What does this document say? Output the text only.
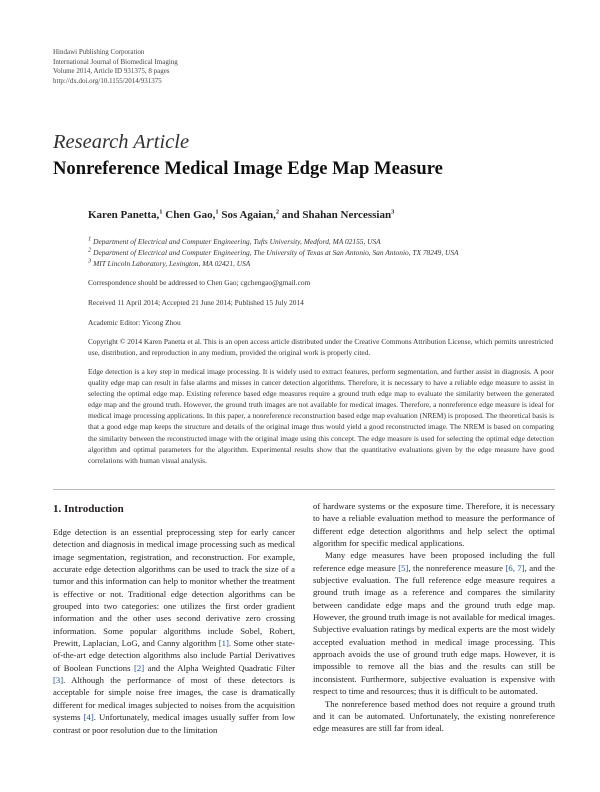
Hindawi Publishing Corporation
International Journal of Biomedical Imaging
Volume 2014, Article ID 931375, 8 pages
http://dx.doi.org/10.1155/2014/931375
Research Article
Nonreference Medical Image Edge Map Measure
Karen Panetta,$^1$ Chen Gao,$^1$ Sos Agaian,$^2$ and Shahan Nercessian$^3$
$^1$ Department of Electrical and Computer Engineering, Tufts University, Medford, MA 02155, USA
$^2$ Department of Electrical and Computer Engineering, The University of Texas at San Antonio, San Antonio, TX 78249, USA
$^3$ MIT Lincoln Laboratory, Lexington, MA 02421, USA
Correspondence should be addressed to Chen Gao; cgchengao@gmail.com
Received 11 April 2014; Accepted 21 June 2014; Published 15 July 2014
Academic Editor: Yicong Zhou
Copyright © 2014 Karen Panetta et al. This is an open access article distributed under the Creative Commons Attribution License, which permits unrestricted use, distribution, and reproduction in any medium, provided the original work is properly cited.
Edge detection is a key step in medical image processing. It is widely used to extract features, perform segmentation, and further assist in diagnosis. A poor quality edge map can result in false alarms and misses in cancer detection algorithms. Therefore, it is necessary to have a reliable edge measure to assist in selecting the optimal edge map. Existing reference based edge measures require a ground truth edge map to evaluate the similarity between the generated edge map and the ground truth. However, the ground truth images are not available for medical images. Therefore, a nonreference edge measure is ideal for medical image processing applications. In this paper, a nonreference reconstruction based edge map evaluation (NREM) is proposed. The theoretical basis is that a good edge map keeps the structure and details of the original image thus would yield a good reconstructed image. The NREM is based on comparing the similarity between the reconstructed image with the original image using this concept. The edge measure is used for selecting the optimal edge detection algorithm and optimal parameters for the algorithm. Experimental results show that the quantitative evaluations given by the edge measure have good correlations with human visual analysis.
1. Introduction

Edge detection is an essential preprocessing step for early cancer detection and diagnosis in medical image processing such as medical image segmentation, registration, and reconstruction. For example, accurate edge detection algorithms can be used to track the size of a tumor and this information can help to monitor whether the treatment is effective or not. Traditional edge detection algorithms can be grouped into two categories: one utilizes the first order gradient information and the other uses second derivative zero crossing information. Some popular algorithms include Sobel, Robert, Prewitt, Laplacian, LoG, and Canny algorithm [1]. Some other state-of-the-art edge detection algorithms also include Partial Derivatives of Boolean Functions [2] and the Alpha Weighted Quadratic Filter [3]. Although the performance of most of these detectors is acceptable for simple noise free images, the case is dramatically different for medical images subjected to noises from the acquisition systems [4]. Unfortunately, medical images usually suffer from low contrast or poor resolution due to the limitation

of hardware systems or the exposure time. Therefore, it is necessary to have a reliable evaluation method to measure the performance of different edge detection algorithms and help select the optimal algorithm for specific medical applications.

Many edge measures have been proposed including the full reference edge measure [5], the nonreference measure [6, 7], and the subjective evaluation. The full reference edge measure requires a ground truth image as a reference and compares the similarity between candidate edge maps and the ground truth edge map. However, the ground truth image is not available for medical images. Subjective evaluation ratings by medical experts are the most widely accepted evaluation method in medical image processing. This approach avoids the use of ground truth edge maps. However, it is impossible to remove all the bias and the results can still be inconsistent. Furthermore, subjective evaluation is expensive with respect to time and resources; thus it is difficult to be automated.

The nonreference based method does not require a ground truth and it can be automated. Unfortunately, the existing nonreference edge measures are still far from ideal.
